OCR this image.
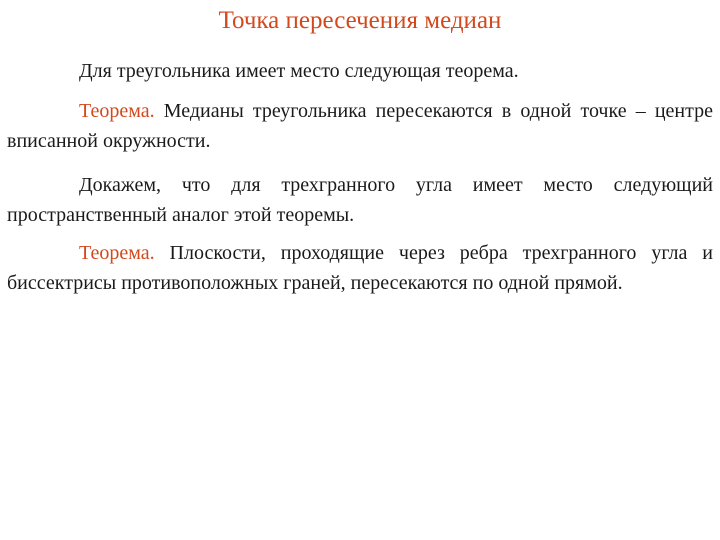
Точка пересечения медиан

Для треугольника имеет место следующая теорема.

Теорема. Медианы треугольника пересекаются в одной точке – центре вписанной окружности.

Докажем, что для трехгранного угла имеет место следующий пространственный аналог этой теоремы.

Теорема. Плоскости, проходящие через ребра трехгранного угла и биссектрисы противоположных граней, пересекаются по одной прямой.
